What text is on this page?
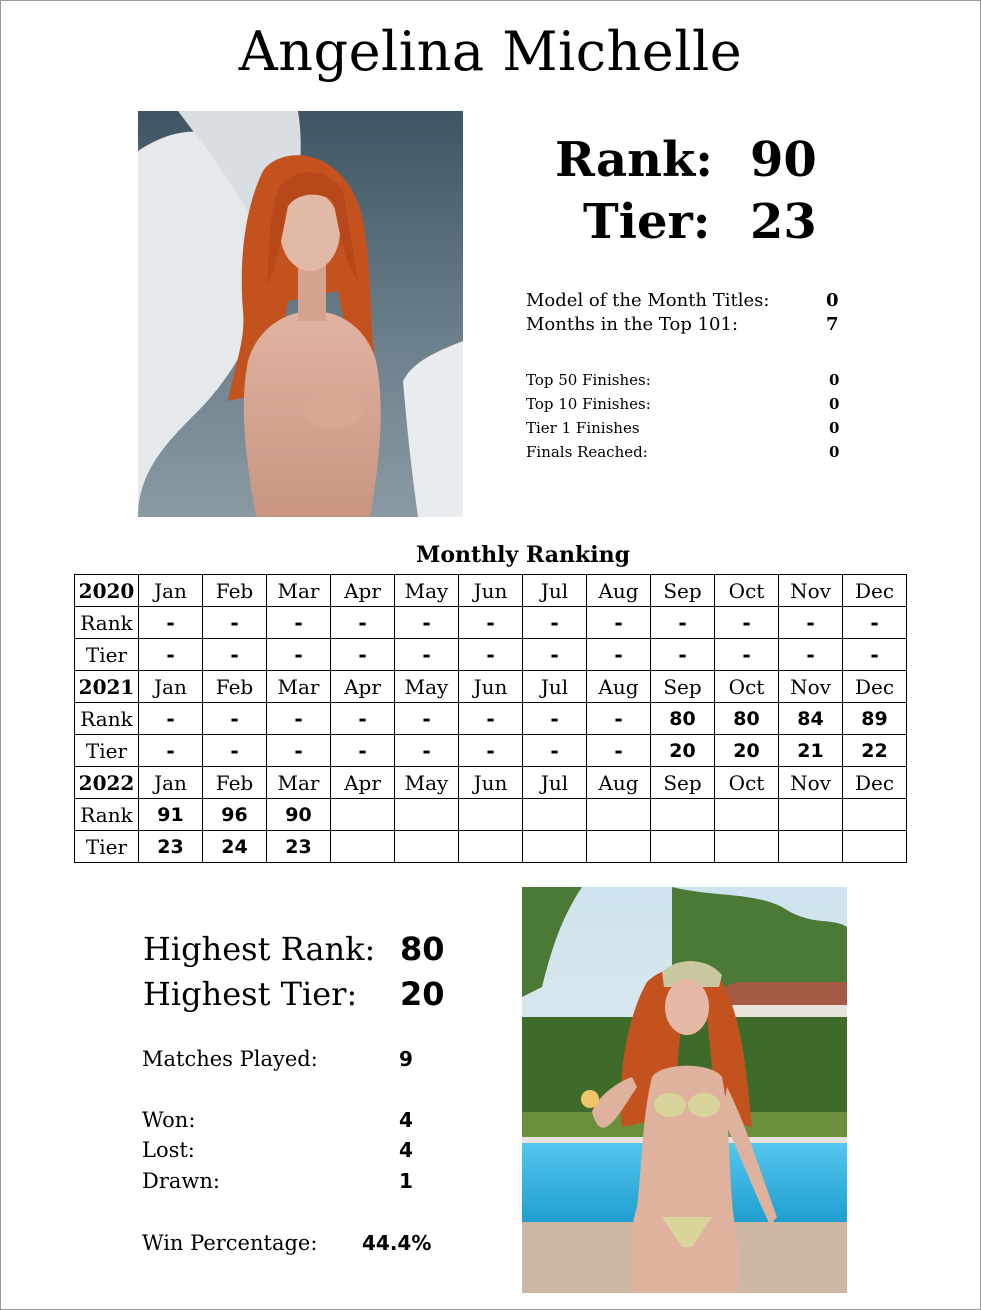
Angelina Michelle
Rank: 90
Tier: 23
Model of the Month Titles:	0
Months in the Top 101:	7
Top 50 Finishes:	0
Top 10 Finishes:	0
Tier 1 Finishes	0
Finals Reached:	0
Monthly Ranking
2020	Jan	Feb	Mar	Apr	May	Jun	Jul	Aug	Sep	Oct	Nov	Dec
Rank	-	-	-	-	-	-	-	-	-	-	-	-
Tier	-	-	-	-	-	-	-	-	-	-	-	-
2021	Jan	Feb	Mar	Apr	May	Jun	Jul	Aug	Sep	Oct	Nov	Dec
Rank	-	-	-	-	-	-	-	-	80	80	84	89
Tier	-	-	-	-	-	-	-	-	20	20	21	22
2022	Jan	Feb	Mar	Apr	May	Jun	Jul	Aug	Sep	Oct	Nov	Dec
Rank	91	96	90									
Tier	23	24	23									
Highest Rank: 80
Highest Tier: 20
Matches Played:	9
Won:	4
Lost:	4
Drawn:	1
Win Percentage: 44.4%
